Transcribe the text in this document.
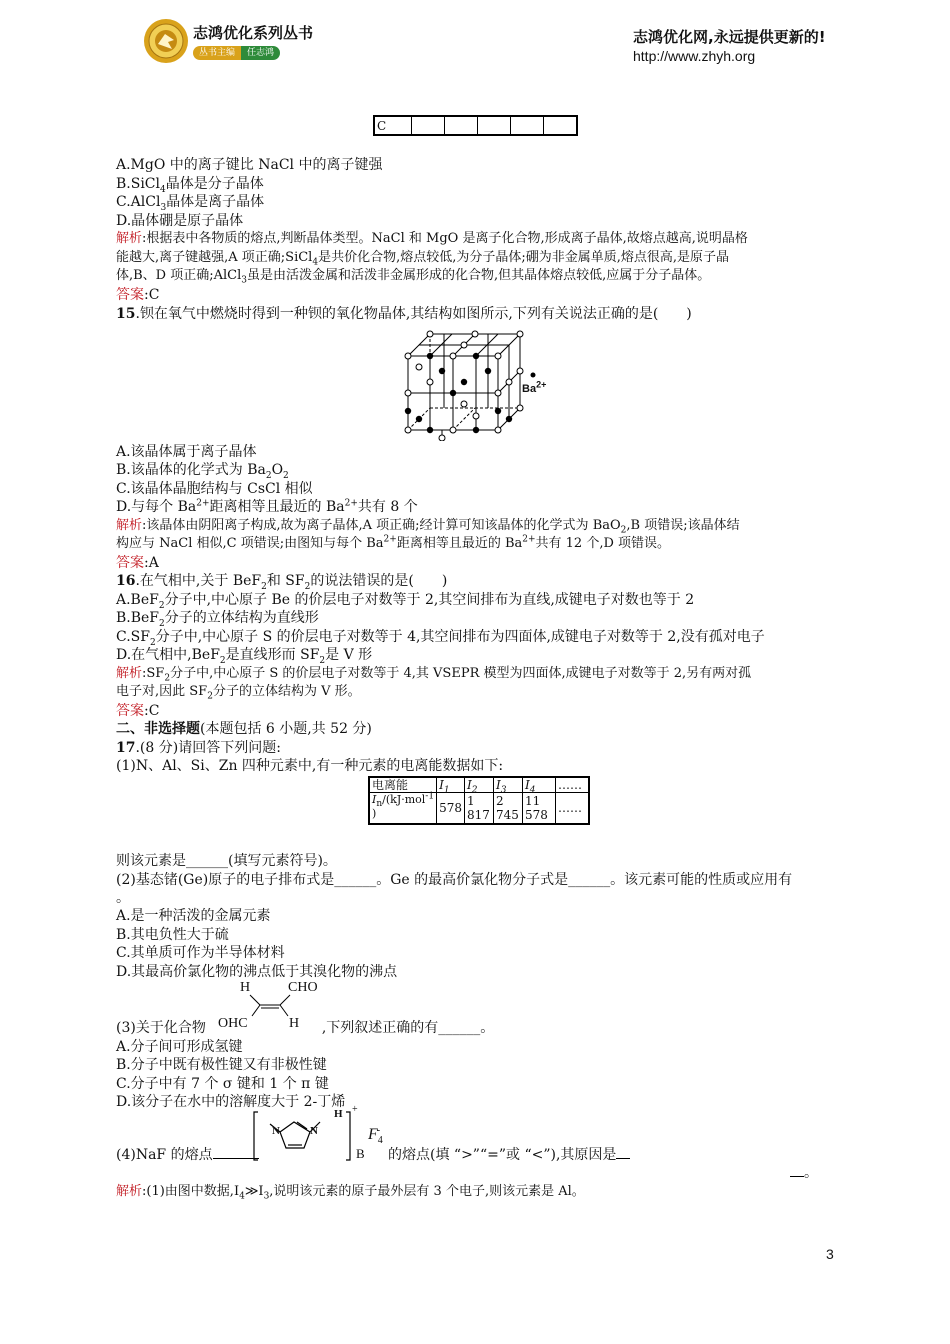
志鸿优化系列丛书
丛书主编 任志鸿
志鸿优化网,永远提供更新的!
http://www.zhyh.org
C					
A.MgO 中的离子键比 NaCl 中的离子键强
B.SiCl$_4$晶体是分子晶体
C.AlCl$_3$晶体是离子晶体
D.晶体硼是原子晶体
解析:根据表中各物质的熔点,判断晶体类型。NaCl 和 MgO 是离子化合物,形成离子晶体,故熔点越高,说明晶格
能越大,离子键越强,A 项正确;SiCl$_4$是共价化合物,熔点较低,为分子晶体;硼为非金属单质,熔点很高,是原子晶
体,B、D 项正确;AlCl$_3$虽是由活泼金属和活泼非金属形成的化合物,但其晶体熔点较低,应属于分子晶体。
答案:C
15.钡在氧气中燃烧时得到一种钡的氧化物晶体,其结构如图所示,下列有关说法正确的是(　　)
$Ba^{2+}$
A.该晶体属于离子晶体
B.该晶体的化学式为 $Ba_2O_2$
C.该晶体晶胞结构与 CsCl 相似
D.与每个 $Ba^{2+}$距离相等且最近的 $Ba^{2+}$共有 8 个
解析:该晶体由阴阳离子构成,故为离子晶体,A 项正确;经计算可知该晶体的化学式为 BaO$_2$,B 项错误;该晶体结
构应与 NaCl 相似,C 项错误;由图知与每个 $Ba^{2+}$距离相等且最近的 $Ba^{2+}$共有 12 个,D 项错误。
答案:A
16.在气相中,关于 BeF$_2$和 $SF_2$的说法错误的是(　　)
A.BeF$_2$分子中,中心原子 Be 的价层电子对数等于 2,其空间排布为直线,成键电子对数也等于 2
B.BeF$_2$分子的立体结构为直线形
$C.SF_2$分子中,中心原子 S 的价层电子对数等于 4,其空间排布为四面体,成键电子对数等于 2,没有孤对电子
D.在气相中,BeF$_2$是直线形而 $SF_2$是 V 形
解析$:SF_2$分子中,中心原子 S 的价层电子对数等于 4,其 VSEPR 模型为四面体,成键电子对数等于 2,另有两对孤
电子对,因此 $SF_2$分子的立体结构为 V 形。
答案:C
二、非选择题(本题包括 6 小题,共 52 分)
17.(8 分)请回答下列问题:
(1)N、Al、Si、Zn 四种元素中,有一种元素的电离能数据如下:
电离能	$I_1$	$I_2$	$I_3$	$I_4$	……
$I_n/(kJ\cdot mol^{-1}$
)	578	1 817	2 745	11 578	……
则该元素是______(填写元素符号)。
(2)基态锗(Ge)原子的电子排布式是______。Ge 的最高价氯化物分子式是______。该元素可能的性质或应用有
。
A.是一种活泼的金属元素
B.其电负性大于硫
C.其单质可作为半导体材料
D.其最高价氯化物的沸点低于其溴化物的沸点
H	CHO
OHC	H
(3)关于化合物	,下列叙述正确的有______。
A.分子间可形成氢键
B.分子中既有极性键又有非极性键
C.分子中有 7 个 σ 键和 1 个 π 键
D.该分子在水中的溶解度大于 2-丁烯
N	N
H +
B
$F_4^-$
(4)NaF 的熔点	的熔点(填 “>”“=”或 “<”),其原因是
。
解析:(1)由图中数据$,I_4≫I_3$,说明该元素的原子最外层有 3 个电子,则该元素是 Al。
3
